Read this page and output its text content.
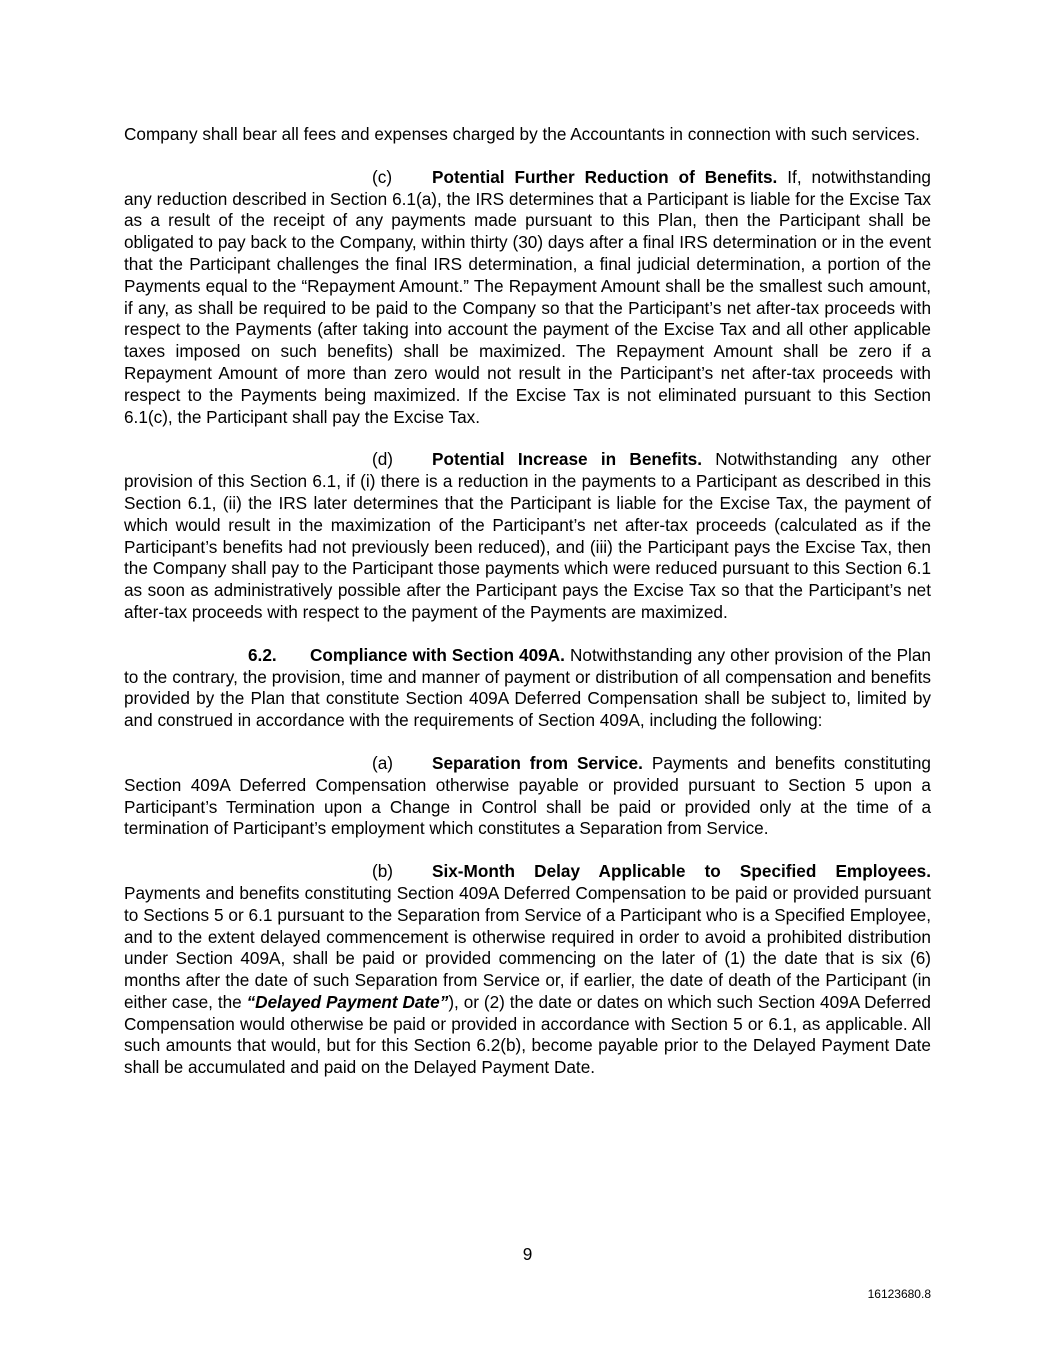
Company shall bear all fees and expenses charged by the Accountants in connection with such services.

(c) Potential Further Reduction of Benefits. If, notwithstanding any reduction described in Section 6.1(a), the IRS determines that a Participant is liable for the Excise Tax as a result of the receipt of any payments made pursuant to this Plan, then the Participant shall be obligated to pay back to the Company, within thirty (30) days after a final IRS determination or in the event that the Participant challenges the final IRS determination, a final judicial determination, a portion of the Payments equal to the “Repayment Amount.” The Repayment Amount shall be the smallest such amount, if any, as shall be required to be paid to the Company so that the Participant’s net after-tax proceeds with respect to the Payments (after taking into account the payment of the Excise Tax and all other applicable taxes imposed on such benefits) shall be maximized. The Repayment Amount shall be zero if a Repayment Amount of more than zero would not result in the Participant’s net after-tax proceeds with respect to the Payments being maximized. If the Excise Tax is not eliminated pursuant to this Section 6.1(c), the Participant shall pay the Excise Tax.

(d) Potential Increase in Benefits. Notwithstanding any other provision of this Section 6.1, if (i) there is a reduction in the payments to a Participant as described in this Section 6.1, (ii) the IRS later determines that the Participant is liable for the Excise Tax, the payment of which would result in the maximization of the Participant’s net after-tax proceeds (calculated as if the Participant’s benefits had not previously been reduced), and (iii) the Participant pays the Excise Tax, then the Company shall pay to the Participant those payments which were reduced pursuant to this Section 6.1 as soon as administratively possible after the Participant pays the Excise Tax so that the Participant’s net after-tax proceeds with respect to the payment of the Payments are maximized.

6.2. Compliance with Section 409A. Notwithstanding any other provision of the Plan to the contrary, the provision, time and manner of payment or distribution of all compensation and benefits provided by the Plan that constitute Section 409A Deferred Compensation shall be subject to, limited by and construed in accordance with the requirements of Section 409A, including the following:

(a) Separation from Service. Payments and benefits constituting Section 409A Deferred Compensation otherwise payable or provided pursuant to Section 5 upon a Participant’s Termination upon a Change in Control shall be paid or provided only at the time of a termination of Participant’s employment which constitutes a Separation from Service.

(b) Six-Month Delay Applicable to Specified Employees. Payments and benefits constituting Section 409A Deferred Compensation to be paid or provided pursuant to Sections 5 or 6.1 pursuant to the Separation from Service of a Participant who is a Specified Employee, and to the extent delayed commencement is otherwise required in order to avoid a prohibited distribution under Section 409A, shall be paid or provided commencing on the later of (1) the date that is six (6) months after the date of such Separation from Service or, if earlier, the date of death of the Participant (in either case, the “Delayed Payment Date”), or (2) the date or dates on which such Section 409A Deferred Compensation would otherwise be paid or provided in accordance with Section 5 or 6.1, as applicable. All such amounts that would, but for this Section 6.2(b), become payable prior to the Delayed Payment Date shall be accumulated and paid on the Delayed Payment Date.

9
16123680.8
